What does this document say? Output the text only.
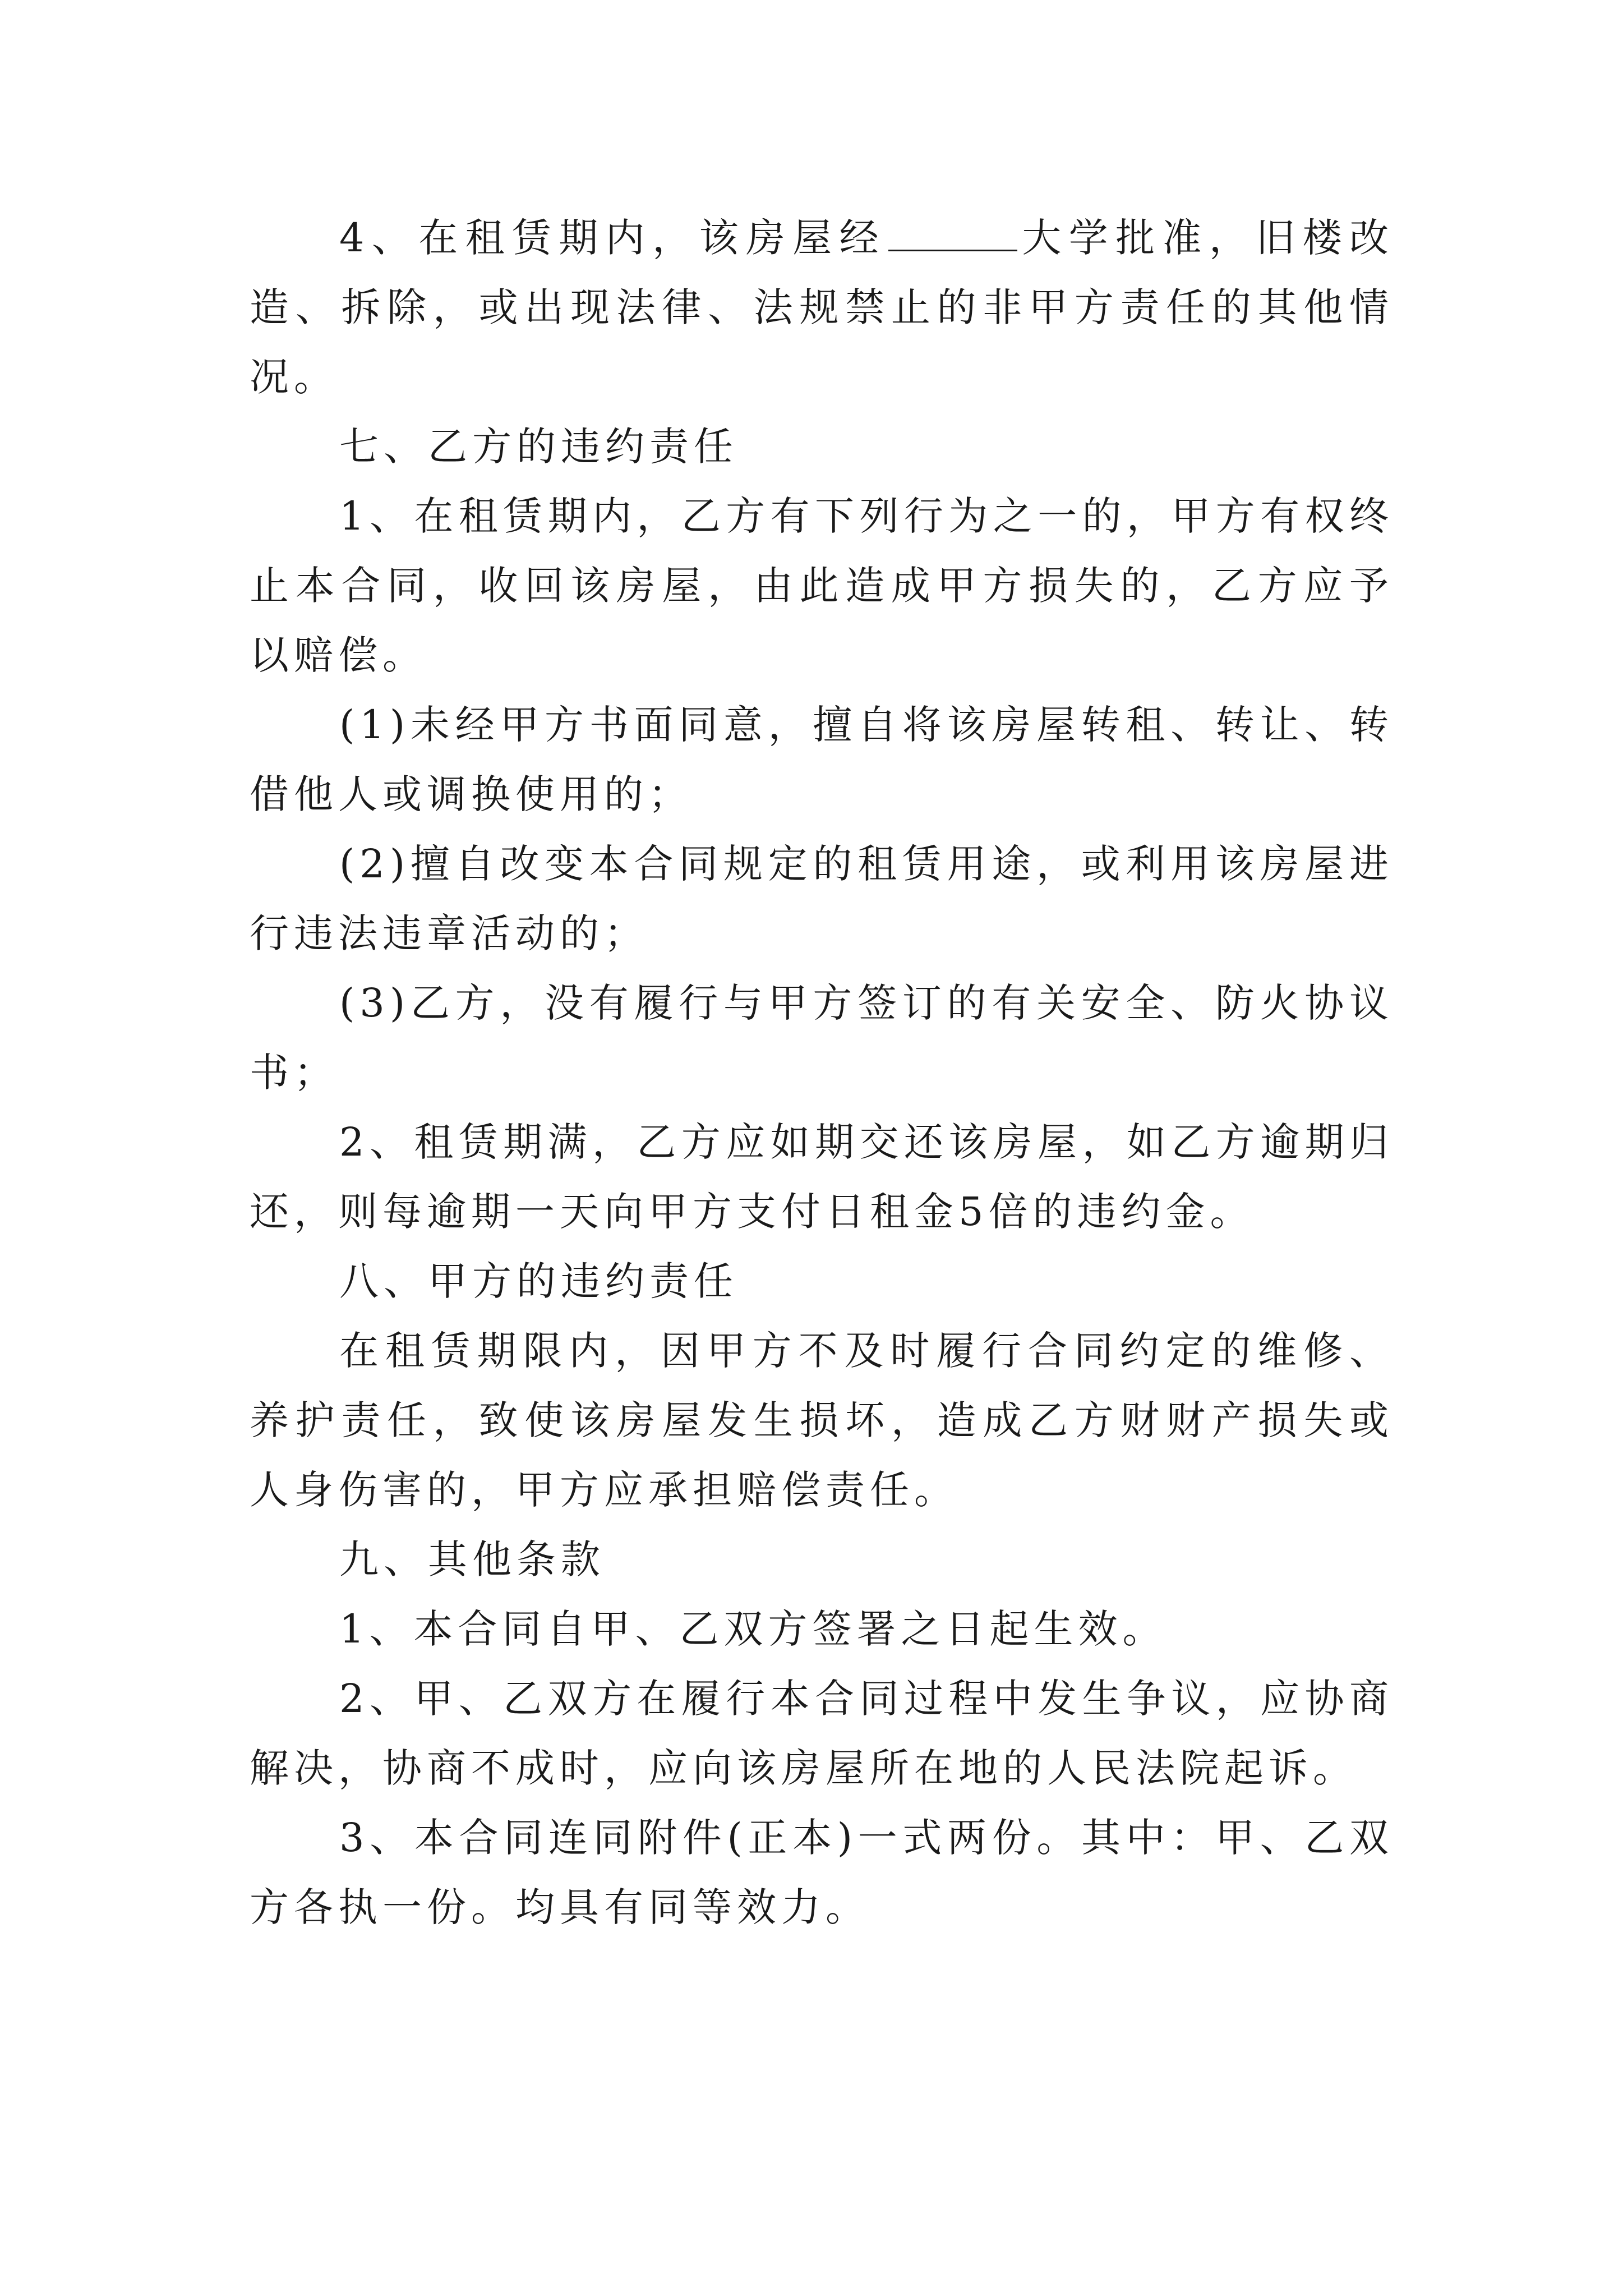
4、在租赁期内，该房屋经	大学批准，旧楼改造、拆除，或出现法律、法规禁止的非甲方责任的其他情况。

七、乙方的违约责任

1、在租赁期内，乙方有下列行为之一的，甲方有权终止本合同，收回该房屋，由此造成甲方损失的，乙方应予以赔偿。

(1)未经甲方书面同意，擅自将该房屋转租、转让、转借他人或调换使用的；

(2)擅自改变本合同规定的租赁用途，或利用该房屋进行违法违章活动的；

(3)乙方，没有履行与甲方签订的有关安全、防火协议书；

2、租赁期满，乙方应如期交还该房屋，如乙方逾期归还，则每逾期一天向甲方支付日租金5倍的违约金。

八、甲方的违约责任

在租赁期限内，因甲方不及时履行合同约定的维修、养护责任，致使该房屋发生损坏，造成乙方财财产损失或人身伤害的，甲方应承担赔偿责任。

九、其他条款

1、本合同自甲、乙双方签署之日起生效。

2、甲、乙双方在履行本合同过程中发生争议，应协商解决，协商不成时，应向该房屋所在地的人民法院起诉。

3、本合同连同附件(正本)一式两份。其中：甲、乙双方各执一份。均具有同等效力。
